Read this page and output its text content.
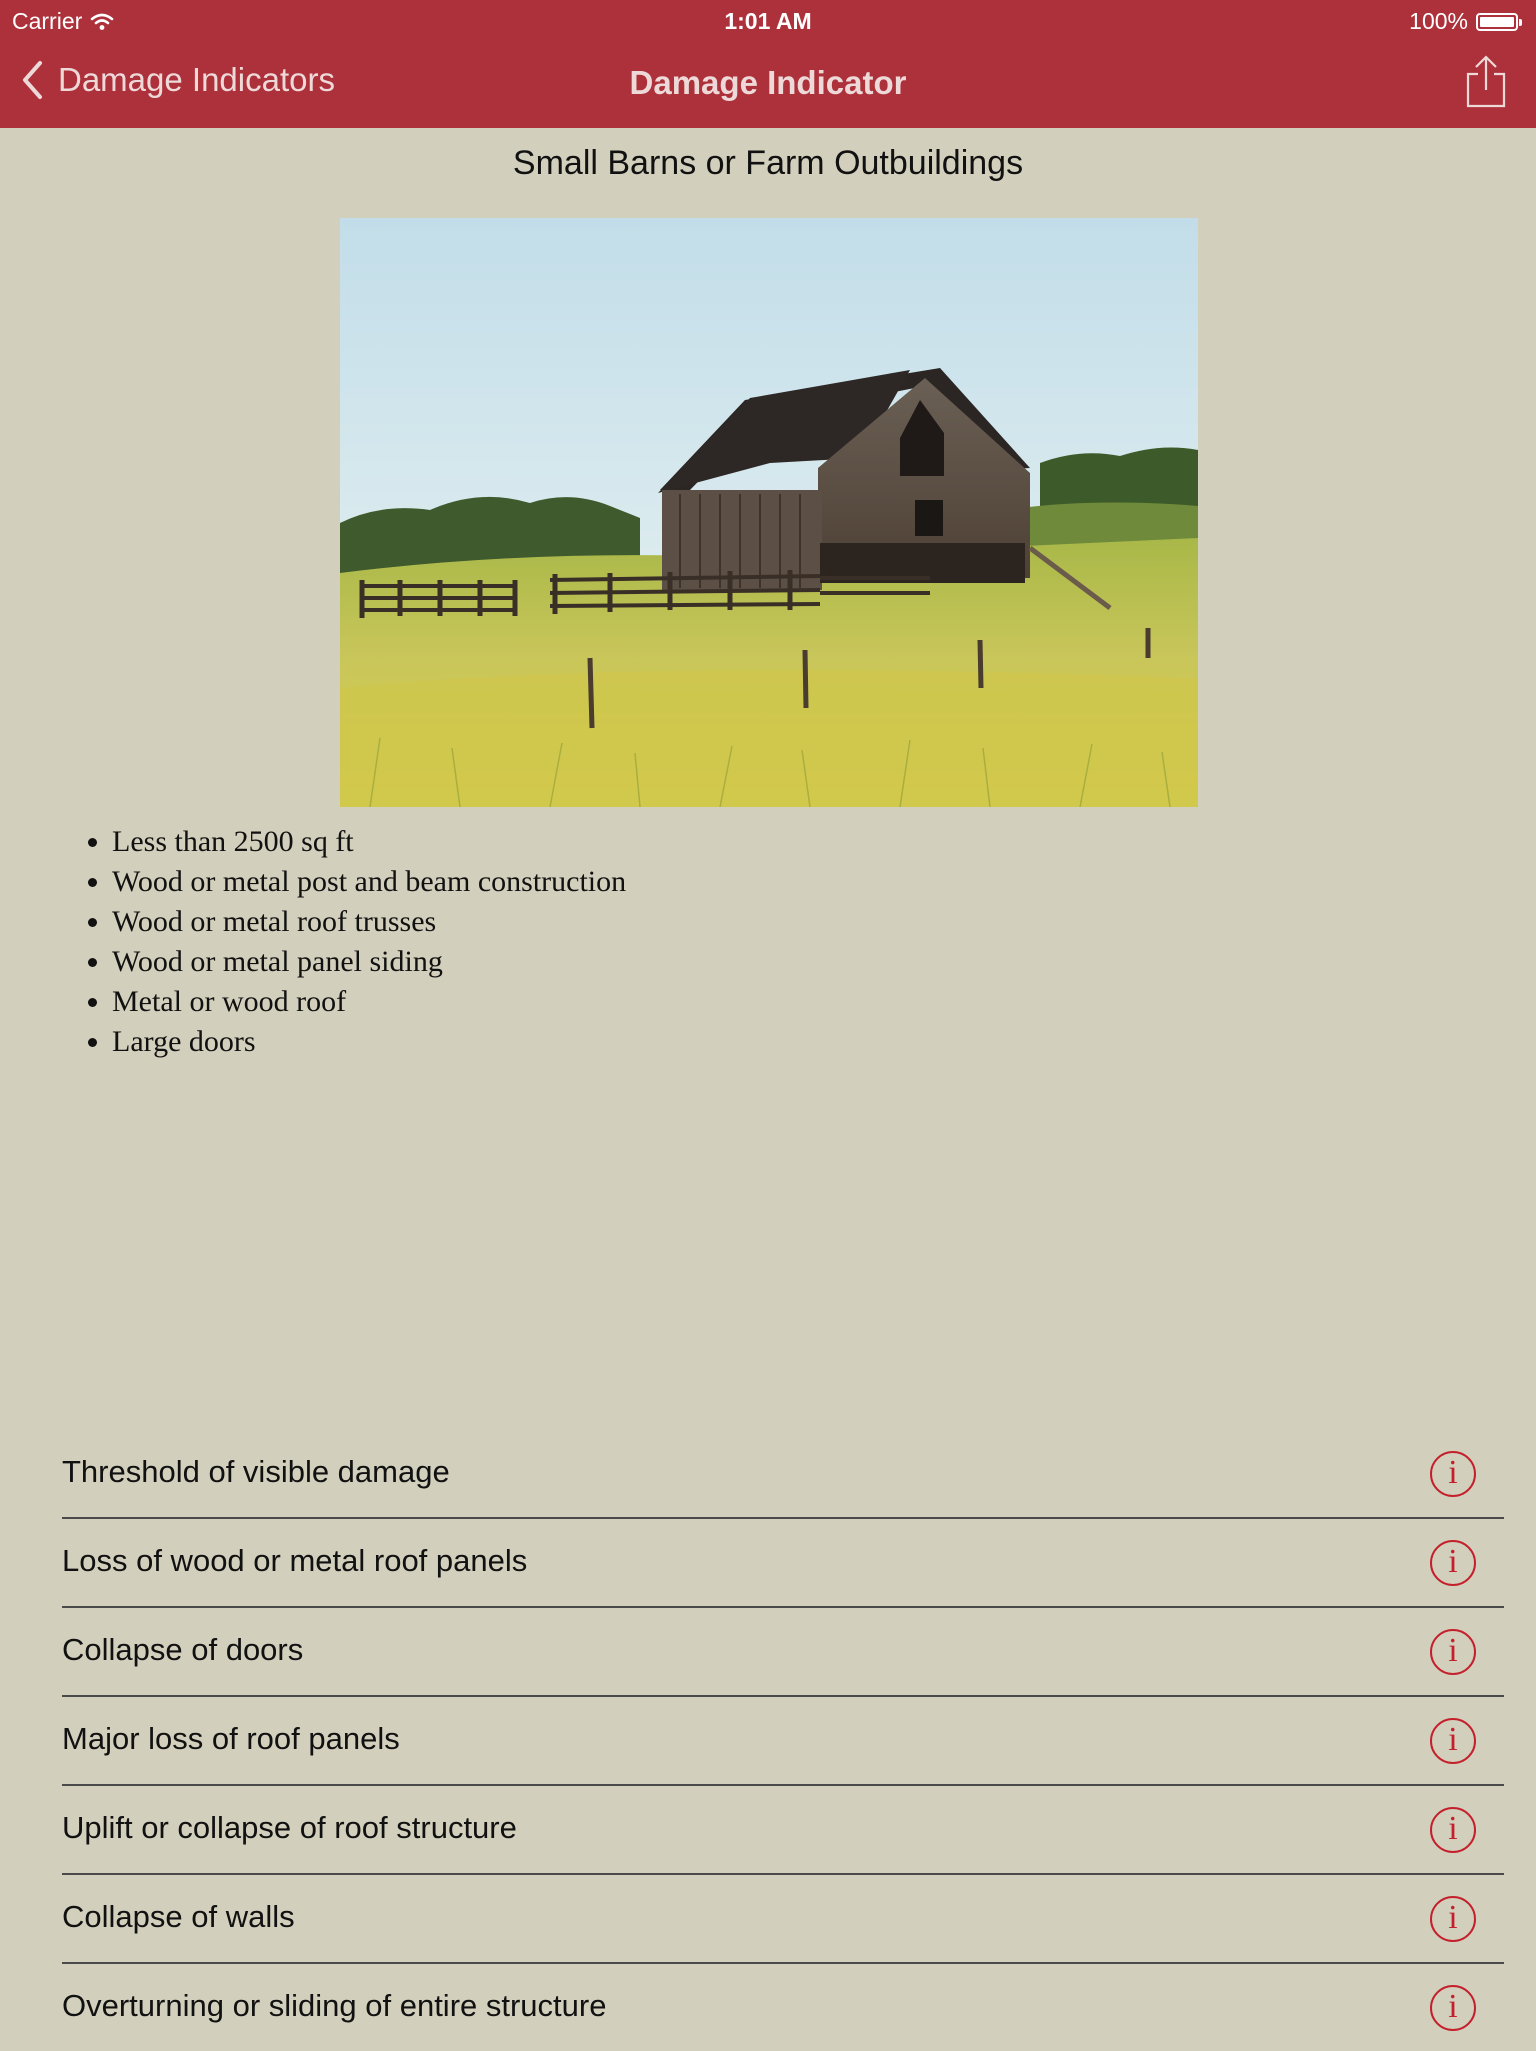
Carrier	1:01 AM	100%
Damage Indicators	Damage Indicator
Small Barns or Farm Outbuildings
• Less than 2500 sq ft
• Wood or metal post and beam construction
• Wood or metal roof trusses
• Wood or metal panel siding
• Metal or wood roof
• Large doors
Threshold of visible damage	i
Loss of wood or metal roof panels	i
Collapse of doors	i
Major loss of roof panels	i
Uplift or collapse of roof structure	i
Collapse of walls	i
Overturning or sliding of entire structure	i
